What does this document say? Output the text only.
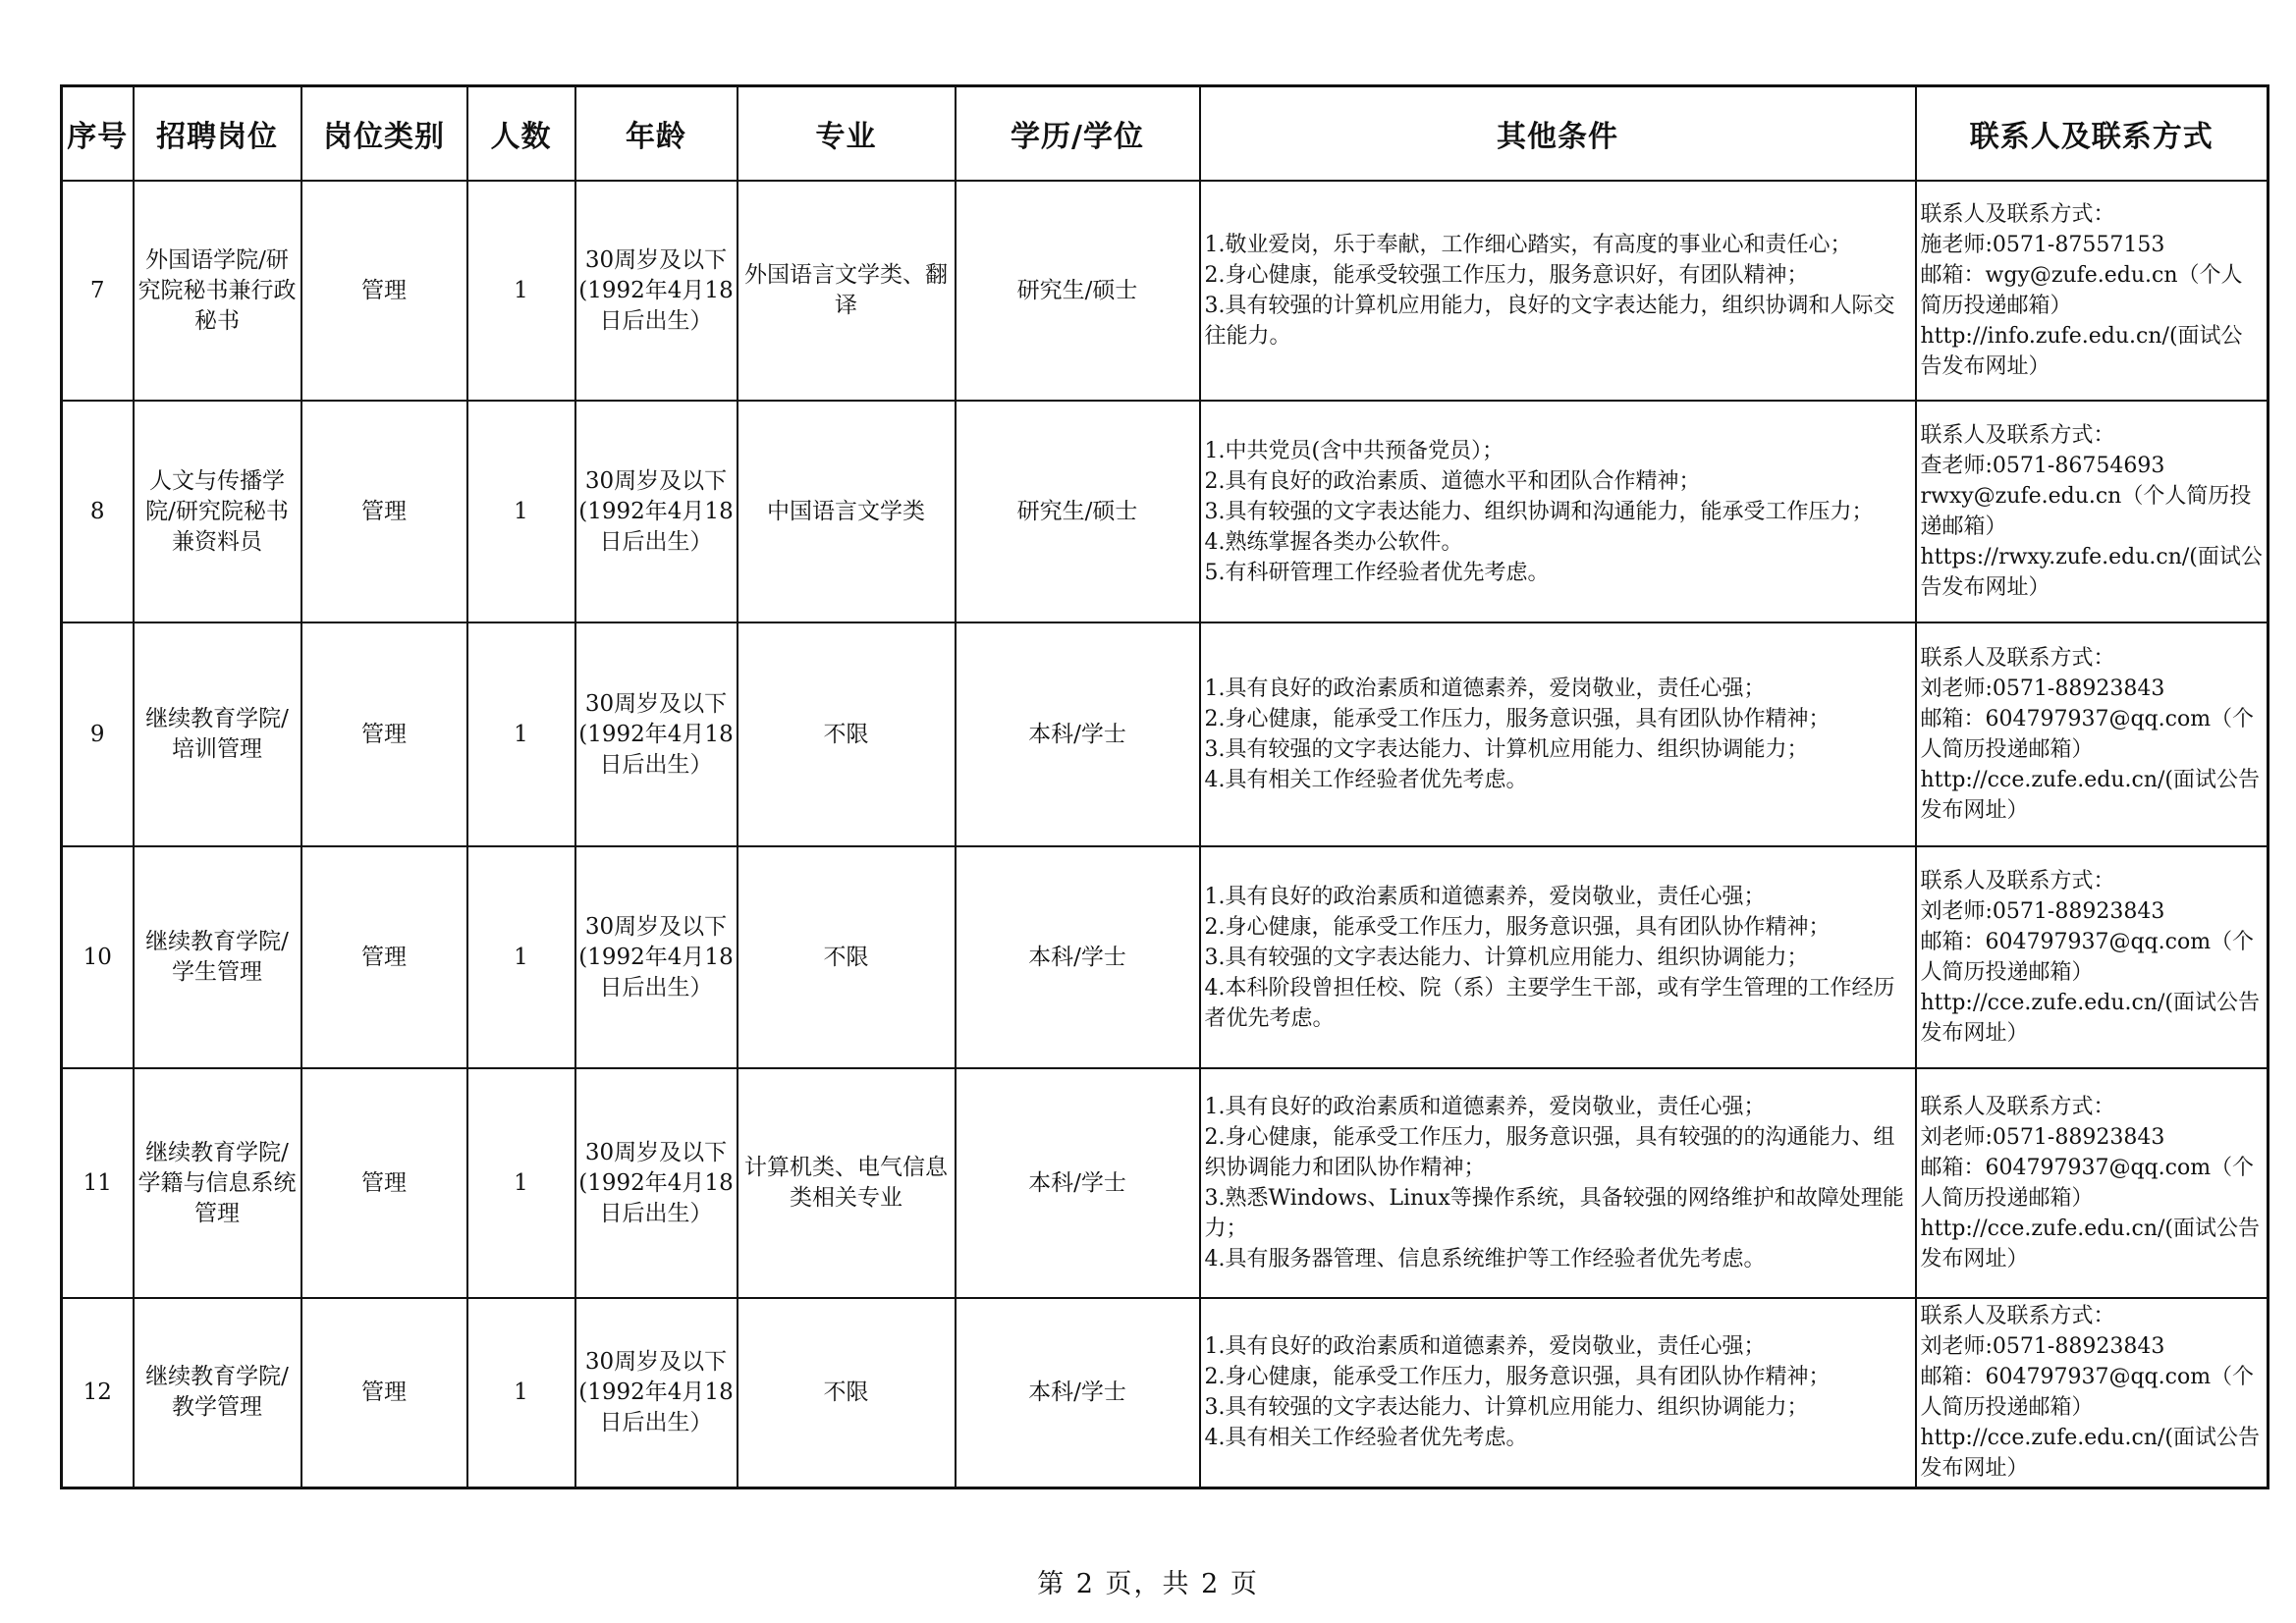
序号	招聘岗位	岗位类别	人数	年龄	专业	学历/学位	其他条件	联系人及联系方式
7	外国语学院/研究院秘书兼行政秘书	管理	1	30周岁及以下(1992年4月18日后出生）	外国语言文学类、翻译	研究生/硕士	1.敬业爱岗，乐于奉献，工作细心踏实，有高度的事业心和责任心；
2.身心健康，能承受较强工作压力，服务意识好，有团队精神；
3.具有较强的计算机应用能力，良好的文字表达能力，组织协调和人际交往能力。	联系人及联系方式：
施老师:0571-87557153
邮箱：wgy@zufe.edu.cn（个人简历投递邮箱）
http://info.zufe.edu.cn/(面试公告发布网址）

8	人文与传播学院/研究院秘书兼资料员	管理	1	30周岁及以下(1992年4月18日后出生）	中国语言文学类	研究生/硕士	1.中共党员(含中共预备党员）；
2.具有良好的政治素质、道德水平和团队合作精神；
3.具有较强的文字表达能力、组织协调和沟通能力，能承受工作压力；
4.熟练掌握各类办公软件。
5.有科研管理工作经验者优先考虑。	联系人及联系方式：
查老师:0571-86754693
rwxy@zufe.edu.cn（个人简历投递邮箱）
https://rwxy.zufe.edu.cn/(面试公告发布网址）

9	继续教育学院/培训管理	管理	1	30周岁及以下(1992年4月18日后出生）	不限	本科/学士	1.具有良好的政治素质和道德素养，爱岗敬业，责任心强；
2.身心健康，能承受工作压力，服务意识强，具有团队协作精神；
3.具有较强的文字表达能力、计算机应用能力、组织协调能力；
4.具有相关工作经验者优先考虑。	联系人及联系方式：
刘老师:0571-88923843
邮箱：604797937@qq.com（个人简历投递邮箱）
http://cce.zufe.edu.cn/(面试公告发布网址）

10	继续教育学院/学生管理	管理	1	30周岁及以下(1992年4月18日后出生）	不限	本科/学士	1.具有良好的政治素质和道德素养，爱岗敬业，责任心强；
2.身心健康，能承受工作压力，服务意识强，具有团队协作精神；
3.具有较强的文字表达能力、计算机应用能力、组织协调能力；
4.本科阶段曾担任校、院（系）主要学生干部，或有学生管理的工作经历者优先考虑。	联系人及联系方式：
刘老师:0571-88923843
邮箱：604797937@qq.com（个人简历投递邮箱）
http://cce.zufe.edu.cn/(面试公告发布网址）

11	继续教育学院/学籍与信息系统管理	管理	1	30周岁及以下(1992年4月18日后出生）	计算机类、电气信息类相关专业	本科/学士	1.具有良好的政治素质和道德素养，爱岗敬业，责任心强；
2.身心健康，能承受工作压力，服务意识强，具有较强的的沟通能力、组织协调能力和团队协作精神；
3.熟悉Windows、Linux等操作系统，具备较强的网络维护和故障处理能力；
4.具有服务器管理、信息系统维护等工作经验者优先考虑。	联系人及联系方式：
刘老师:0571-88923843
邮箱：604797937@qq.com（个人简历投递邮箱）
http://cce.zufe.edu.cn/(面试公告发布网址）

12	继续教育学院/教学管理	管理	1	30周岁及以下(1992年4月18日后出生）	不限	本科/学士	1.具有良好的政治素质和道德素养，爱岗敬业，责任心强；
2.身心健康，能承受工作压力，服务意识强，具有团队协作精神；
3.具有较强的文字表达能力、计算机应用能力、组织协调能力；
4.具有相关工作经验者优先考虑。	联系人及联系方式：
刘老师:0571-88923843
邮箱：604797937@qq.com（个人简历投递邮箱）
http://cce.zufe.edu.cn/(面试公告发布网址）
第 2 页，共 2 页
